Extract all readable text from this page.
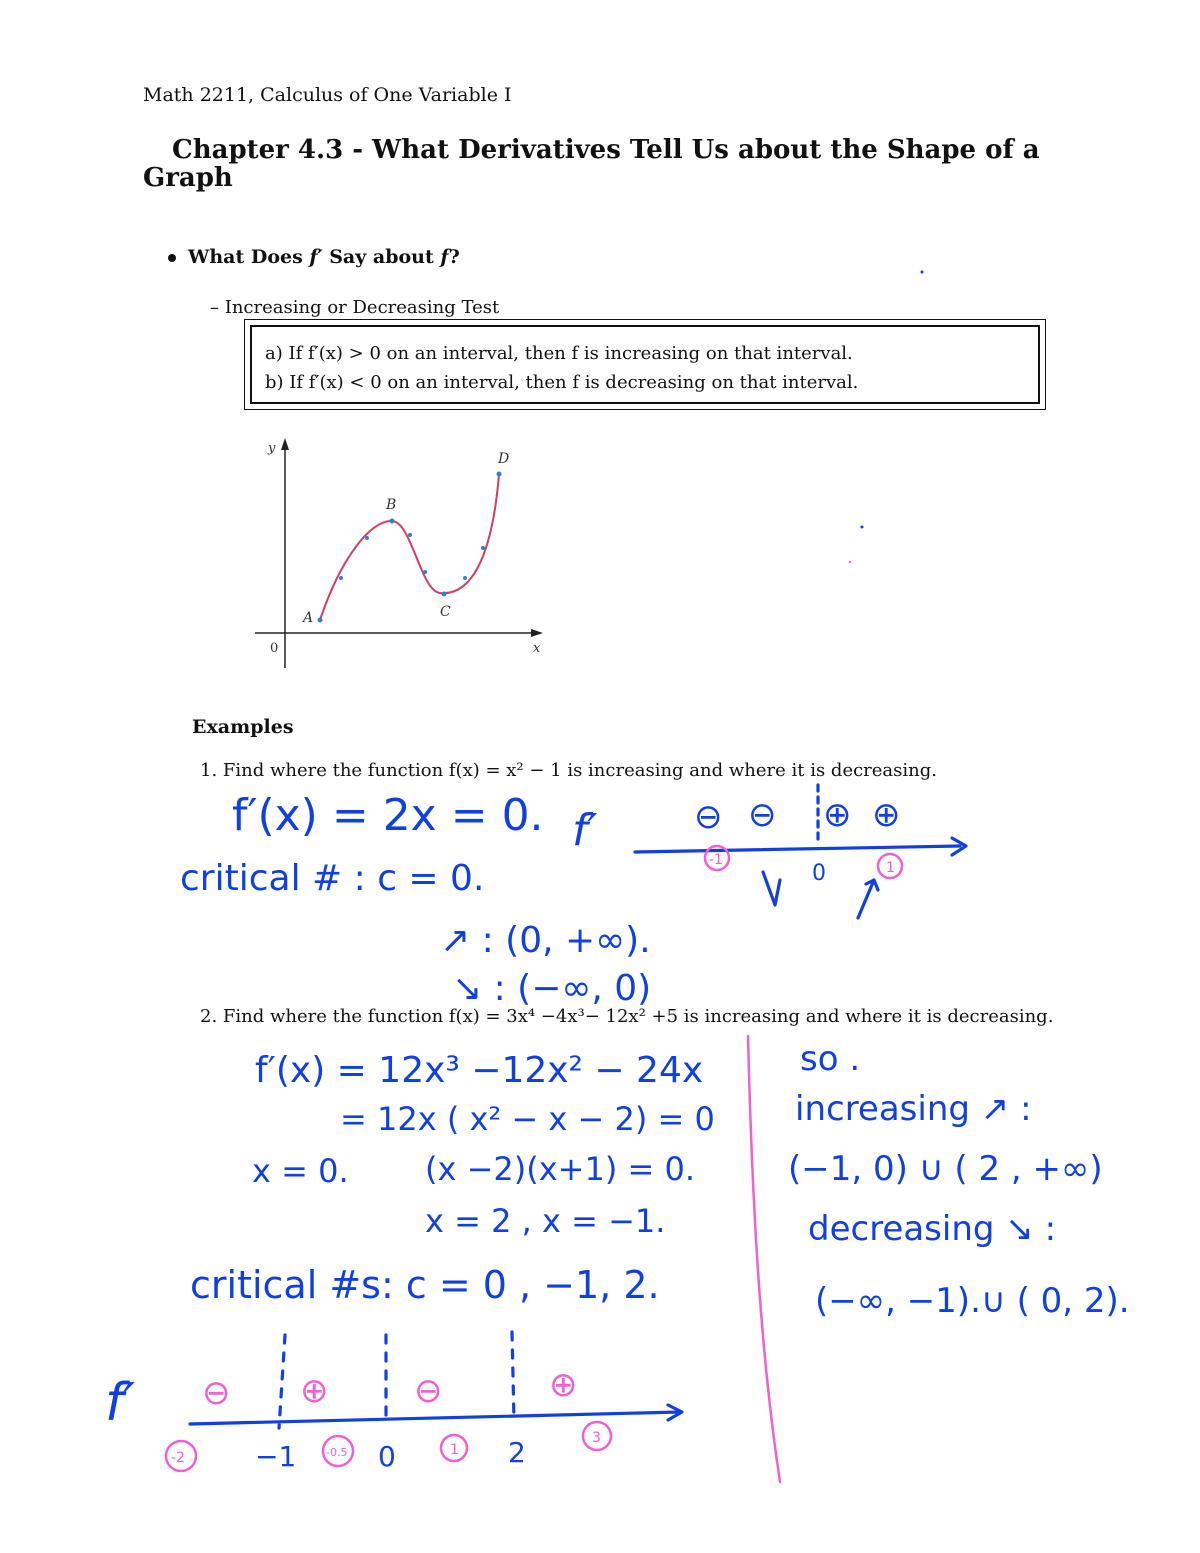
Math 2211, Calculus of One Variable I
Chapter 4.3 - What Derivatives Tell Us about the Shape of a Graph
What Does f′ Say about f?
– Increasing or Decreasing Test
a) If f′(x) > 0 on an interval, then f is increasing on that interval.
b) If f′(x) < 0 on an interval, then f is decreasing on that interval.
y
x
0
A
B
C
D
Examples
1. Find where the function f(x) = x² − 1 is increasing and where it is decreasing.
2. Find where the function f(x) = 3x⁴ −4x³− 12x² +5 is increasing and where it is decreasing.
f′(x) = 2x = 0.
critical # : c = 0.
↗ : (0, +∞).
↘ : (−∞, 0)
f′	⊖ ⊖ ⊕ ⊕
0
-1	1
f′(x) = 12x³ −12x² − 24x
= 12x ( x² − x − 2) = 0
x = 0. (x −2)(x+1) = 0.
x = 2 , x = −1.
critical #s: c = 0 , −1, 2.
so .
increasing ↗ :
(−1, 0) ∪ ( 2 , +∞)
decreasing ↘ :
(−∞, −1).∪ ( 0, 2).
f′ ⊖ ⊕	⊖	⊕
−1	0	2
-2	-0.5	1
3
